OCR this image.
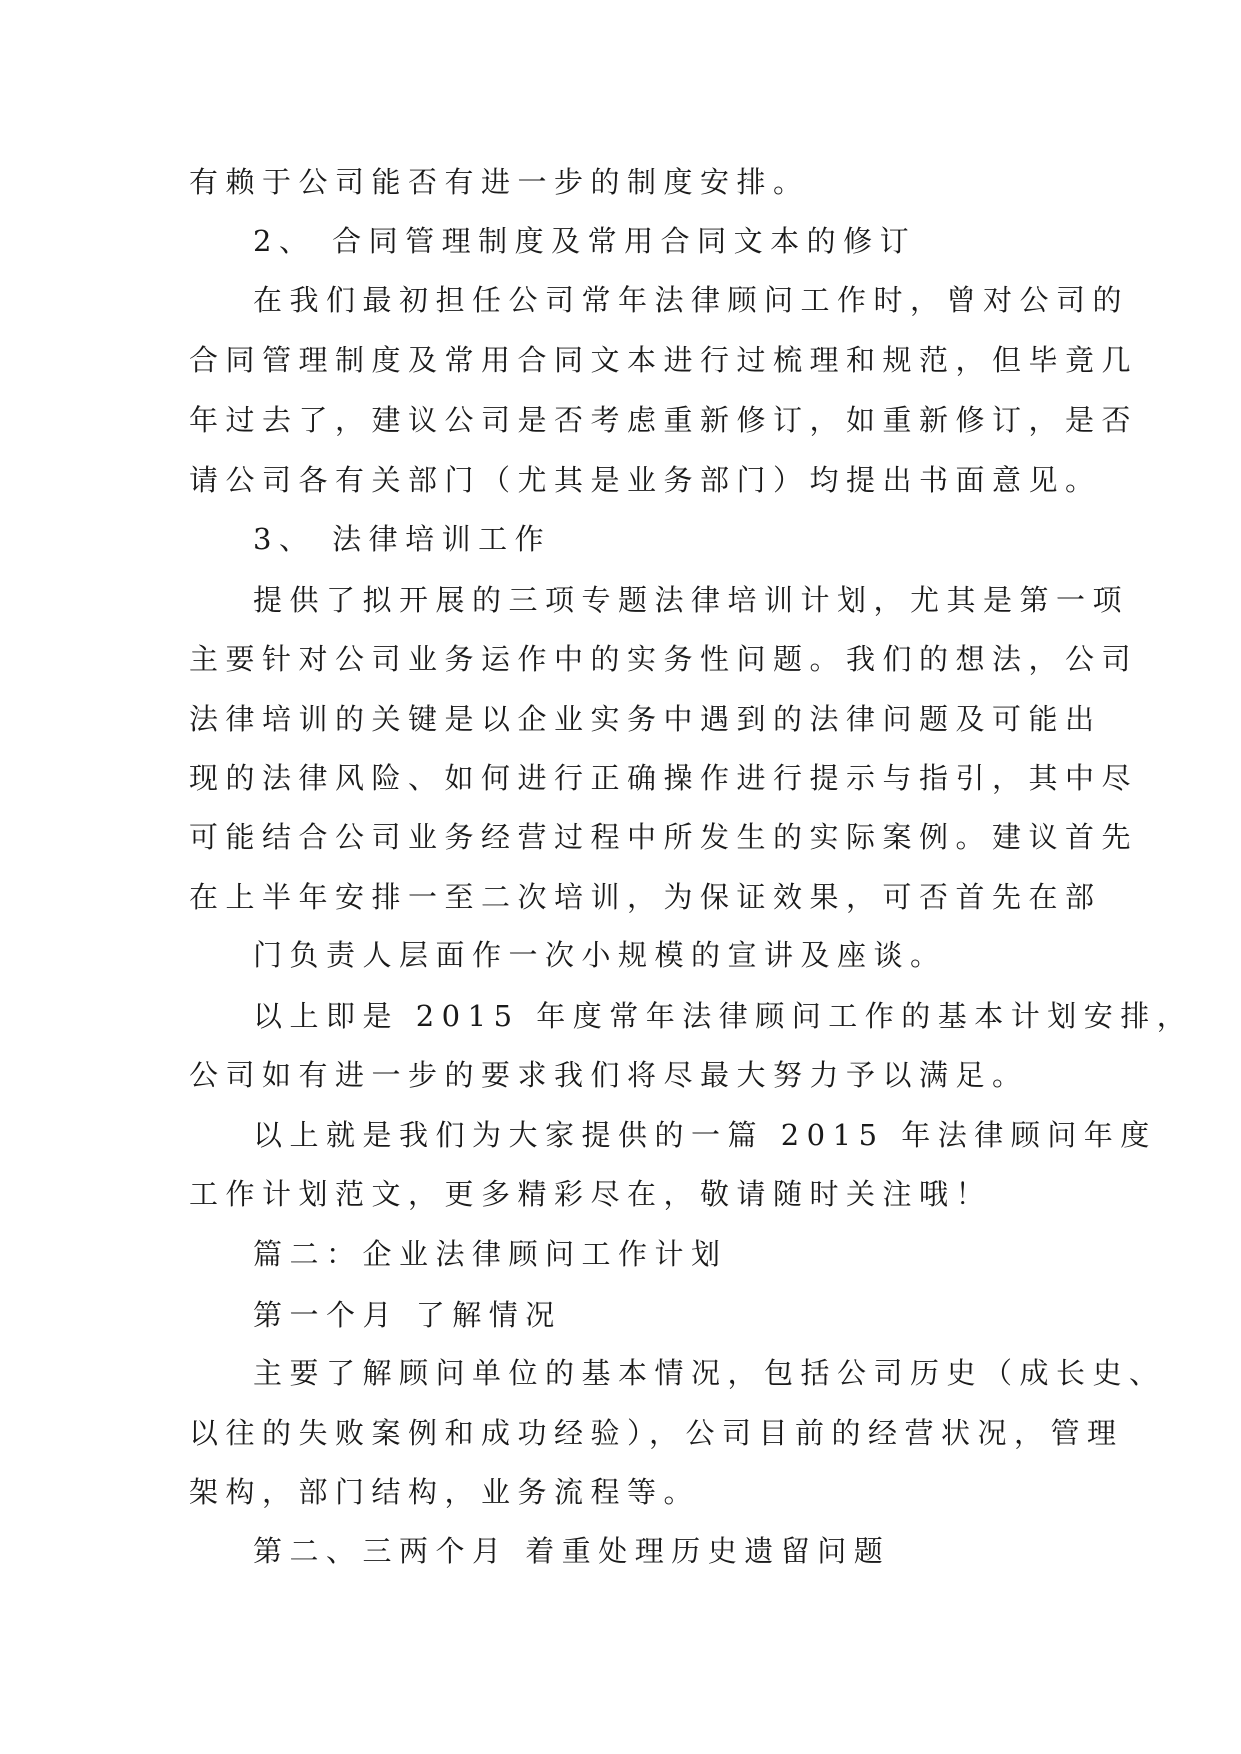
有赖于公司能否有进一步的制度安排。
2、 合同管理制度及常用合同文本的修订
在我们最初担任公司常年法律顾问工作时，曾对公司的
合同管理制度及常用合同文本进行过梳理和规范，但毕竟几
年过去了，建议公司是否考虑重新修订，如重新修订，是否
请公司各有关部门（尤其是业务部门）均提出书面意见。
3、 法律培训工作
提供了拟开展的三项专题法律培训计划，尤其是第一项
主要针对公司业务运作中的实务性问题。我们的想法，公司
法律培训的关键是以企业实务中遇到的法律问题及可能出
现的法律风险、如何进行正确操作进行提示与指引，其中尽
可能结合公司业务经营过程中所发生的实际案例。建议首先
在上半年安排一至二次培训，为保证效果，可否首先在部
门负责人层面作一次小规模的宣讲及座谈。
以上即是 2015 年度常年法律顾问工作的基本计划安排，
公司如有进一步的要求我们将尽最大努力予以满足。
以上就是我们为大家提供的一篇 2015 年法律顾问年度
工作计划范文，更多精彩尽在，敬请随时关注哦！
篇二：企业法律顾问工作计划
第一个月 了解情况
主要了解顾问单位的基本情况，包括公司历史（成长史、
以往的失败案例和成功经验），公司目前的经营状况，管理
架构，部门结构，业务流程等。
第二、三两个月 着重处理历史遗留问题
